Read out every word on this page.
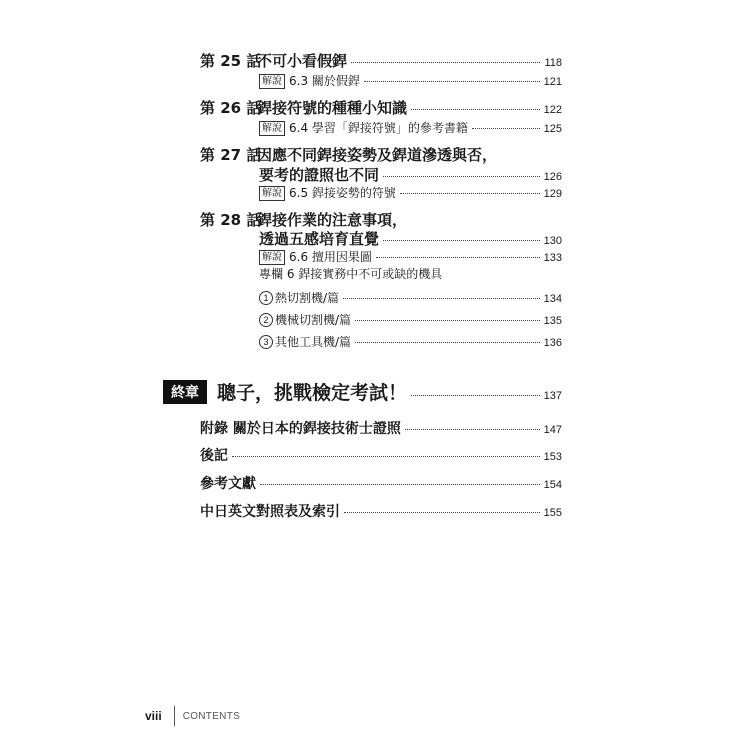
第 25 話
不可小看假銲	118
解說 6.3 關於假銲	121
第 26 話
銲接符號的種種小知識	122
解說 6.4 學習「銲接符號」的參考書籍	125
第 27 話
因應不同銲接姿勢及銲道滲透與否，
要考的證照也不同	126
解說 6.5 銲接姿勢的符號	129
第 28 話
銲接作業的注意事項，
透過五感培育直覺	130
解說 6.6 擅用因果圖	133
專欄 6 銲接實務中不可或缺的機具
1 熱切割機/篇	134
2 機械切割機/篇	135
3 其他工具機/篇	136
終章 聰子，挑戰檢定考試！	137
附錄 關於日本的銲接技術士證照	147
後記	153
參考文獻	154
中日英文對照表及索引	155
viii CONTENTS
